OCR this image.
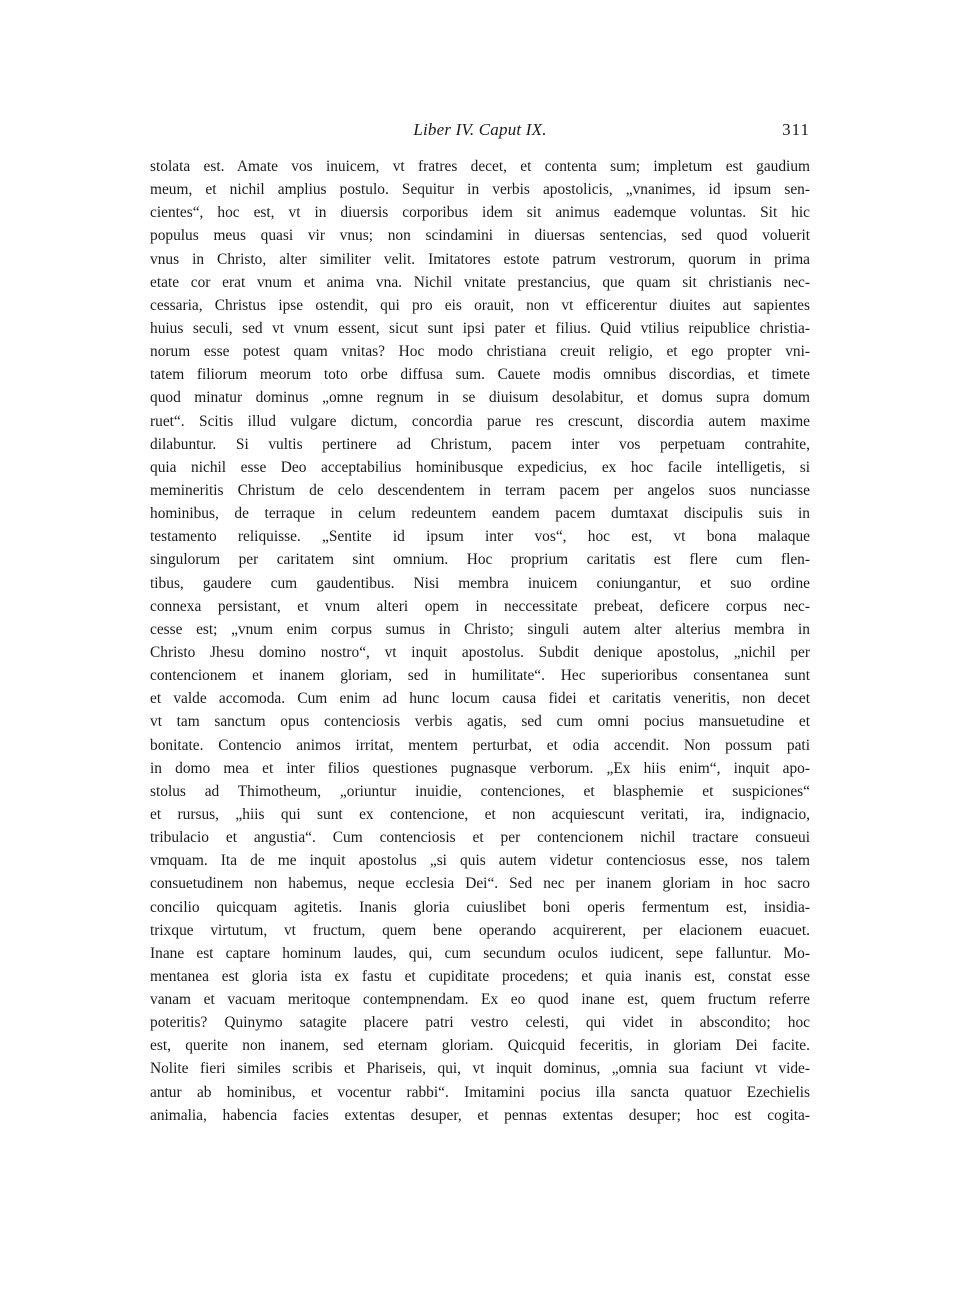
Liber IV. Caput IX.	311
stolata est. Amate vos inuicem, vt fratres decet, et contenta sum; impletum est gaudium
meum, et nichil amplius postulo. Sequitur in verbis apostolicis, „vnanimes, id ipsum sen-
cientes“, hoc est, vt in diuersis corporibus idem sit animus eademque voluntas. Sit hic
populus meus quasi vir vnus; non scindamini in diuersas sentencias, sed quod voluerit
vnus in Christo, alter similiter velit. Imitatores estote patrum vestrorum, quorum in prima
etate cor erat vnum et anima vna. Nichil vnitate prestancius, que quam sit christianis nec-
cessaria, Christus ipse ostendit, qui pro eis orauit, non vt efficerentur diuites aut sapientes
huius seculi, sed vt vnum essent, sicut sunt ipsi pater et filius. Quid vtilius reipublice christia-
norum esse potest quam vnitas? Hoc modo christiana creuit religio, et ego propter vni-
tatem filiorum meorum toto orbe diffusa sum. Cauete modis omnibus discordias, et timete
quod minatur dominus „omne regnum in se diuisum desolabitur, et domus supra domum
ruet“. Scitis illud vulgare dictum, concordia parue res crescunt, discordia autem maxime
dilabuntur. Si vultis pertinere ad Christum, pacem inter vos perpetuam contrahite,
quia nichil esse Deo acceptabilius hominibusque expedicius, ex hoc facile intelligetis, si
memineritis Christum de celo descendentem in terram pacem per angelos suos nunciasse
hominibus, de terraque in celum redeuntem eandem pacem dumtaxat discipulis suis in
testamento reliquisse. „Sentite id ipsum inter vos“, hoc est, vt bona malaque
singulorum per caritatem sint omnium. Hoc proprium caritatis est flere cum flen-
tibus, gaudere cum gaudentibus. Nisi membra inuicem coniungantur, et suo ordine
connexa persistant, et vnum alteri opem in neccessitate prebeat, deficere corpus nec-
cesse est; „vnum enim corpus sumus in Christo; singuli autem alter alterius membra in
Christo Jhesu domino nostro“, vt inquit apostolus. Subdit denique apostolus, „nichil per
contencionem et inanem gloriam, sed in humilitate“. Hec superioribus consentanea sunt
et valde accomoda. Cum enim ad hunc locum causa fidei et caritatis veneritis, non decet
vt tam sanctum opus contenciosis verbis agatis, sed cum omni pocius mansuetudine et
bonitate. Contencio animos irritat, mentem perturbat, et odia accendit. Non possum pati
in domo mea et inter filios questiones pugnasque verborum. „Ex hiis enim“, inquit apo-
stolus ad Thimotheum, „oriuntur inuidie, contenciones, et blasphemie et suspiciones“
et rursus, „hiis qui sunt ex contencione, et non acquiescunt veritati, ira, indignacio,
tribulacio et angustia“. Cum contenciosis et per contencionem nichil tractare consueui
vmquam. Ita de me inquit apostolus „si quis autem videtur contenciosus esse, nos talem
consuetudinem non habemus, neque ecclesia Dei“. Sed nec per inanem gloriam in hoc sacro
concilio quicquam agitetis. Inanis gloria cuiuslibet boni operis fermentum est, insidia-
trixque virtutum, vt fructum, quem bene operando acquirerent, per elacionem euacuet.
Inane est captare hominum laudes, qui, cum secundum oculos iudicent, sepe falluntur. Mo-
mentanea est gloria ista ex fastu et cupiditate procedens; et quia inanis est, constat esse
vanam et vacuam meritoque contempnendam. Ex eo quod inane est, quem fructum referre
poteritis? Quinymo satagite placere patri vestro celesti, qui videt in abscondito; hoc
est, querite non inanem, sed eternam gloriam. Quicquid feceritis, in gloriam Dei facite.
Nolite fieri similes scribis et Phariseis, qui, vt inquit dominus, „omnia sua faciunt vt vide-
antur ab hominibus, et vocentur rabbi“. Imitamini pocius illa sancta quatuor Ezechielis
animalia, habencia facies extentas desuper, et pennas extentas desuper; hoc est cogita-
